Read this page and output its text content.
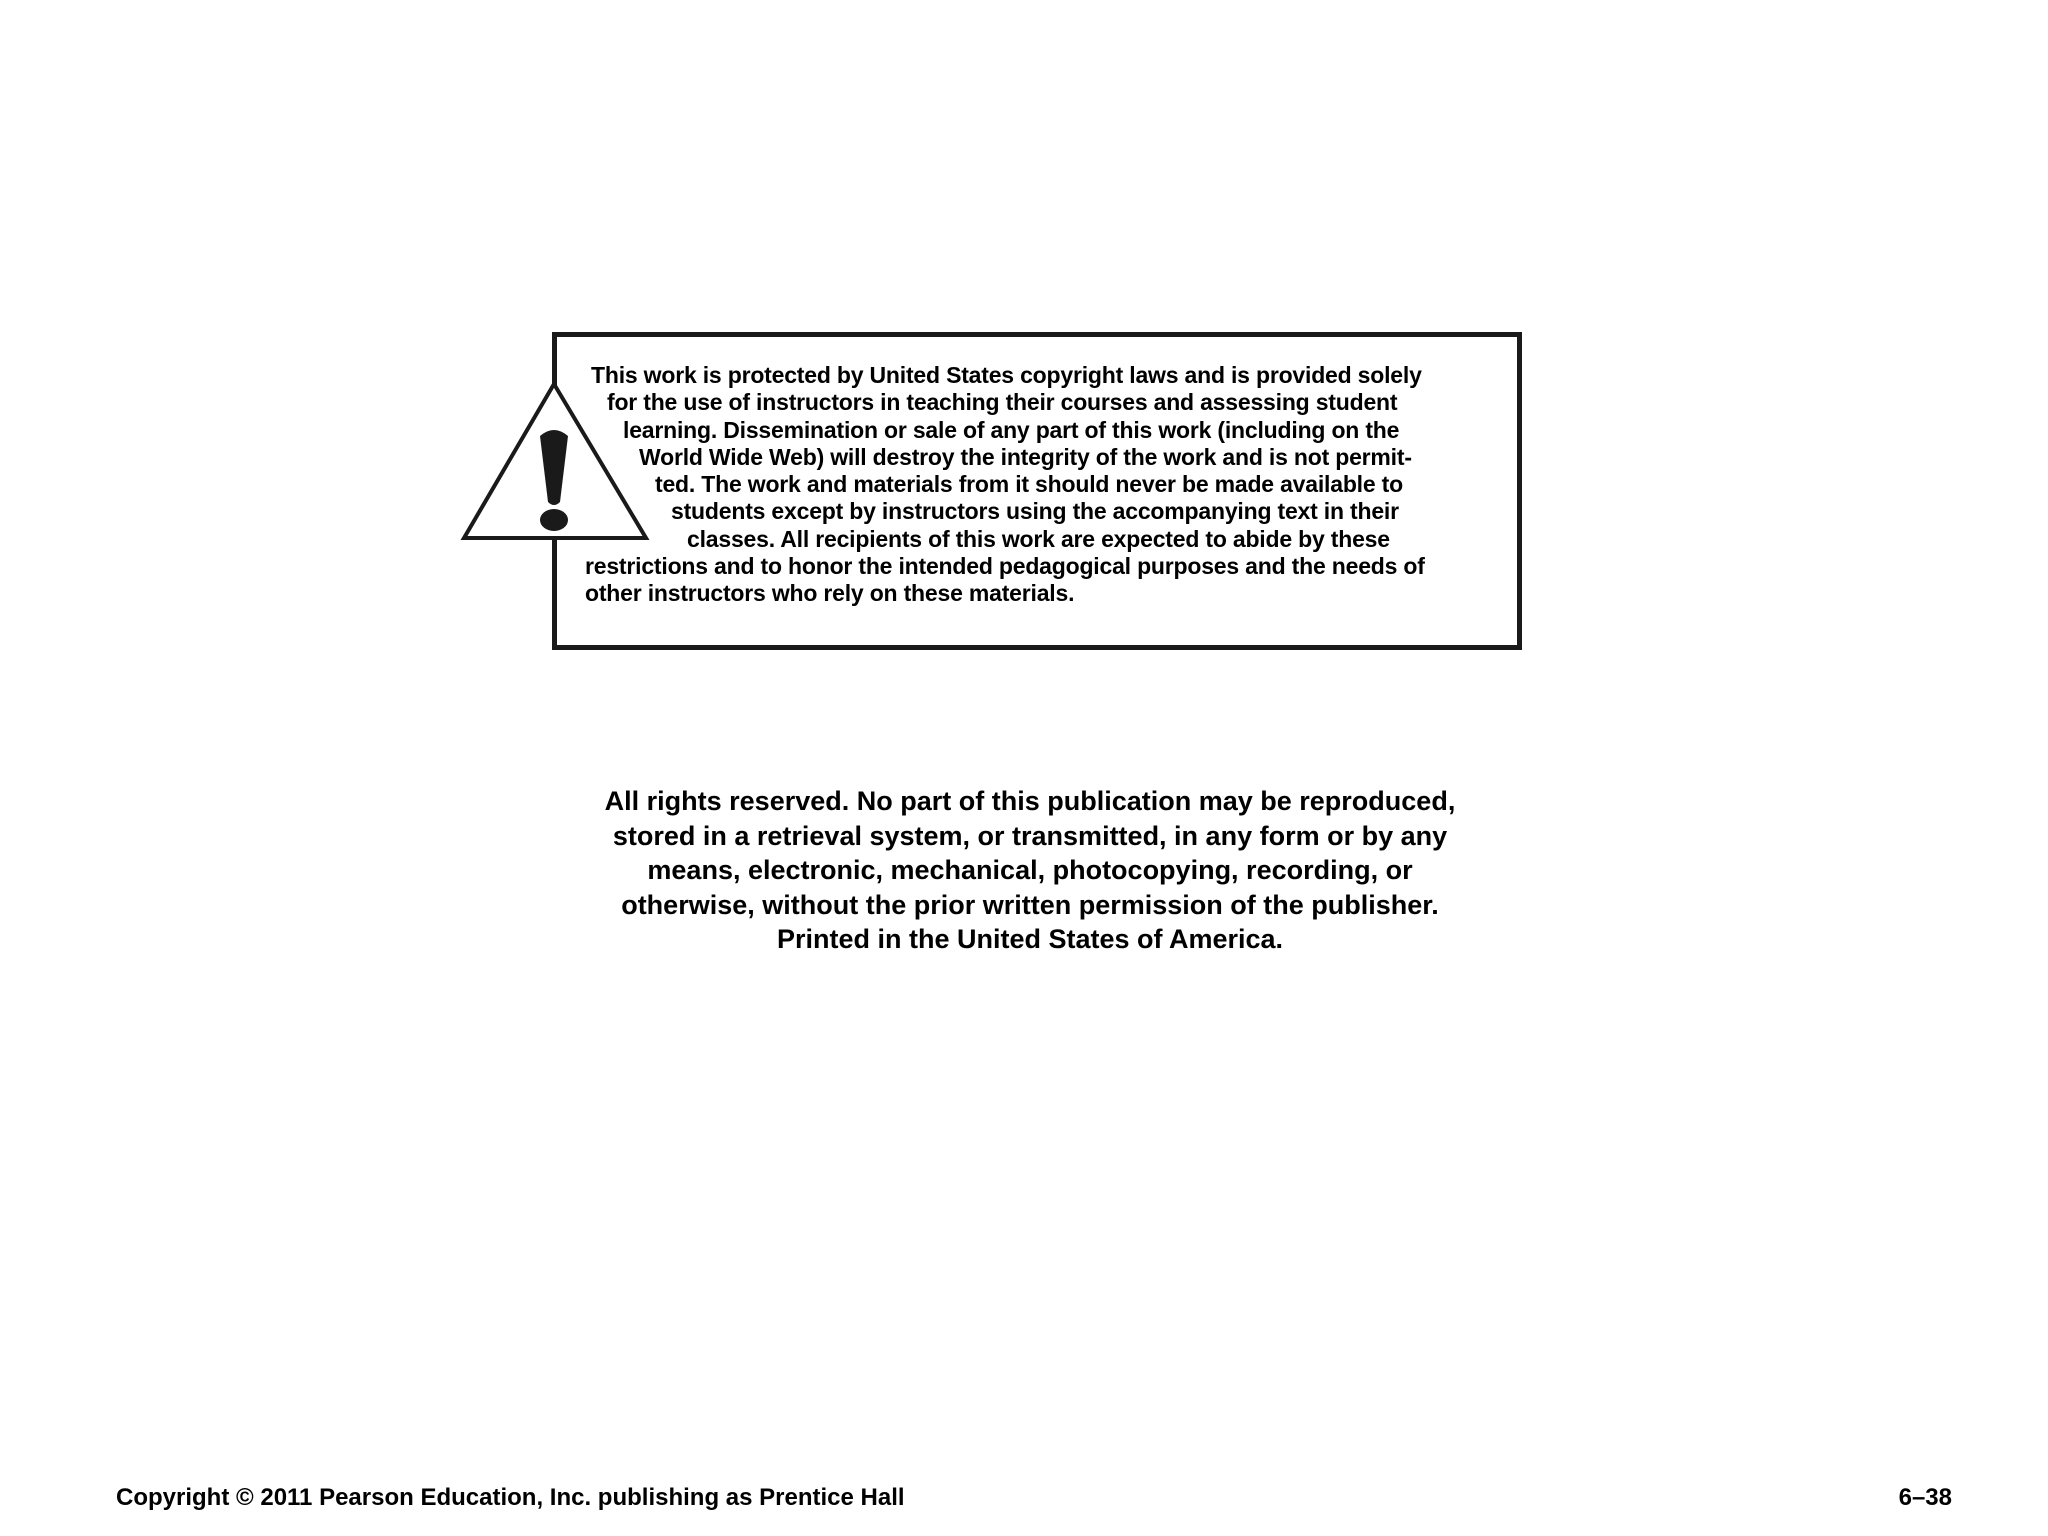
This work is protected by United States copyright laws and is provided solely
for the use of instructors in teaching their courses and assessing student
learning. Dissemination or sale of any part of this work (including on the
World Wide Web) will destroy the integrity of the work and is not permit-
ted. The work and materials from it should never be made available to
students except by instructors using the accompanying text in their
classes. All recipients of this work are expected to abide by these
restrictions and to honor the intended pedagogical purposes and the needs of
other instructors who rely on these materials.
All rights reserved. No part of this publication may be reproduced,
stored in a retrieval system, or transmitted, in any form or by any
means, electronic, mechanical, photocopying, recording, or
otherwise, without the prior written permission of the publisher.
Printed in the United States of America.
Copyright © 2011 Pearson Education, Inc. publishing as Prentice Hall	6–38
